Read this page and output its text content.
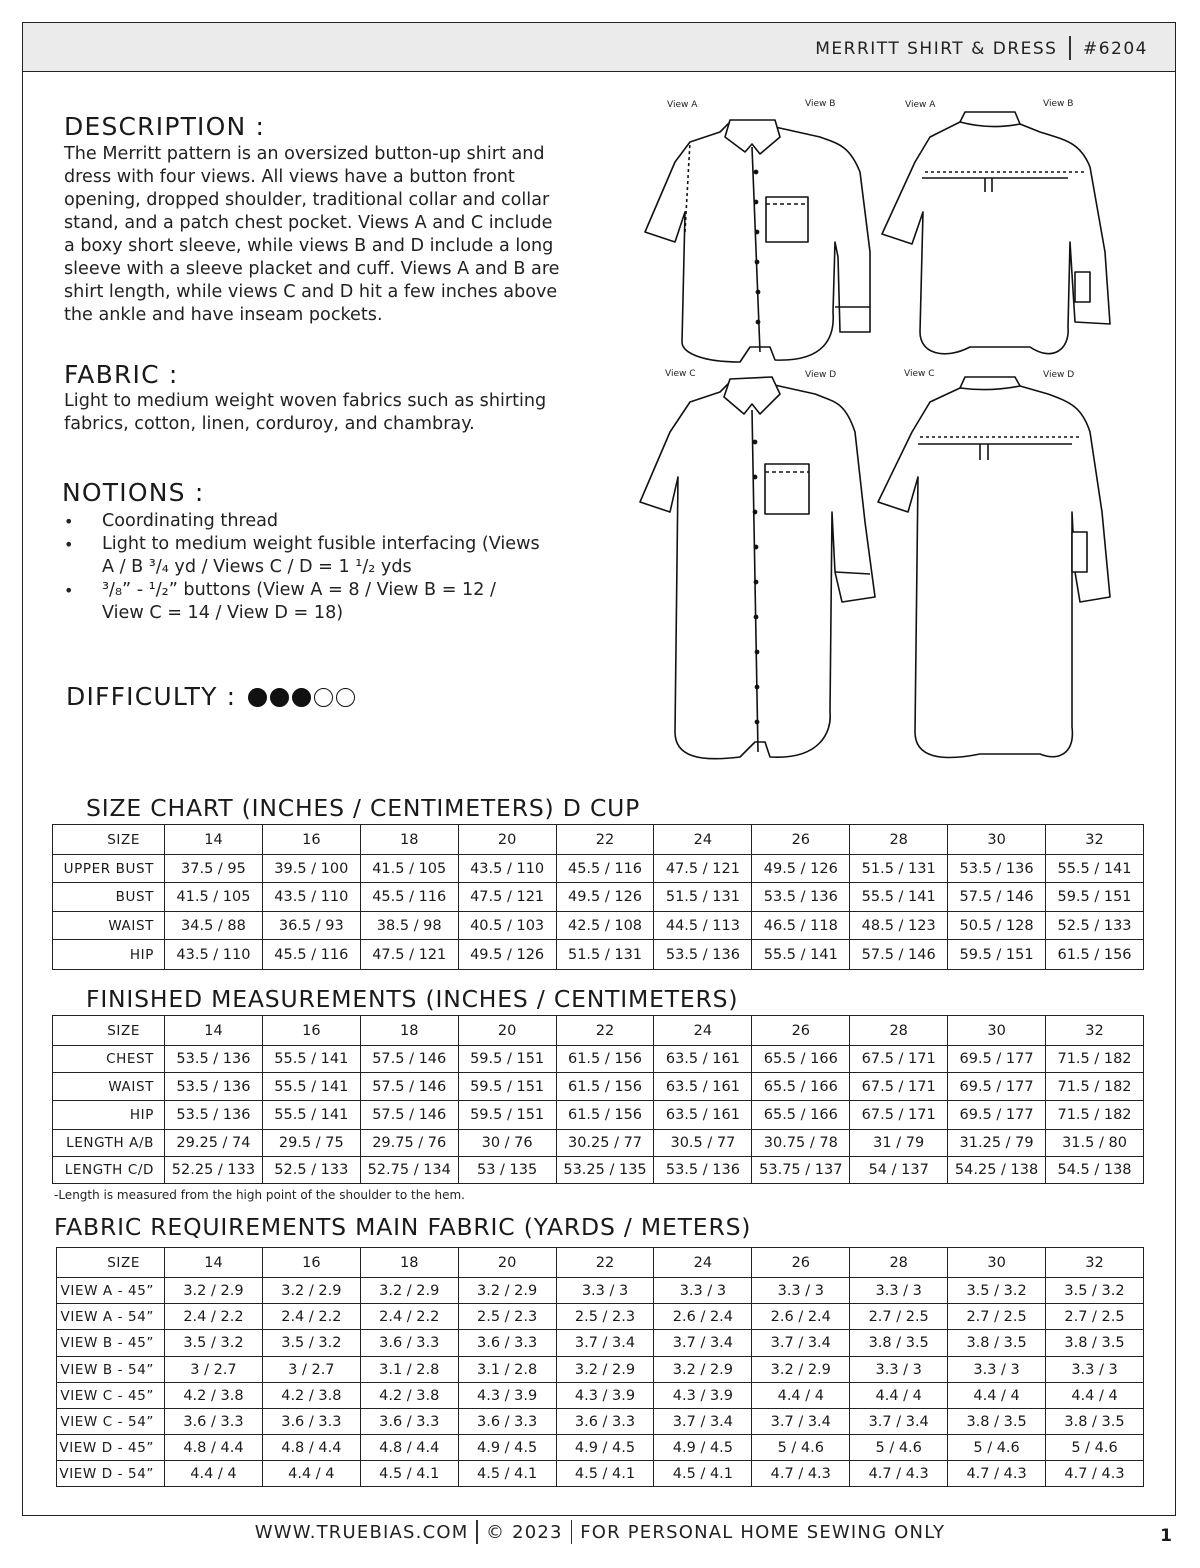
MERRITT SHIRT & DRESS #6204
DESCRIPTION :
The Merritt pattern is an oversized button-up shirt and
dress with four views. All views have a button front
opening, dropped shoulder, traditional collar and collar
stand, and a patch chest pocket. Views A and C include
a boxy short sleeve, while views B and D include a long
sleeve with a sleeve placket and cuff. Views A and B are
shirt length, while views C and D hit a few inches above
the ankle and have inseam pockets.
FABRIC :
Light to medium weight woven fabrics such as shirting
fabrics, cotton, linen, corduroy, and chambray.
NOTIONS :
• Coordinating thread
• Light to medium weight fusible interfacing (Views
A / B ³/₄ yd / Views C / D = 1 ¹/₂ yds
• ³/₈” - ¹/₂” buttons (View A = 8 / View B = 12 /
View C = 14 / View D = 18)
DIFFICULTY :
View A	View B	View A	View B
View C	View D	View C	View D
SIZE CHART (INCHES / CENTIMETERS) D CUP
SIZE	14	16	18	20	22	24	26	28	30	32
UPPER BUST	37.5 / 95	39.5 / 100	41.5 / 105	43.5 / 110	45.5 / 116	47.5 / 121	49.5 / 126	51.5 / 131	53.5 / 136	55.5 / 141
BUST	41.5 / 105	43.5 / 110	45.5 / 116	47.5 / 121	49.5 / 126	51.5 / 131	53.5 / 136	55.5 / 141	57.5 / 146	59.5 / 151
WAIST	34.5 / 88	36.5 / 93	38.5 / 98	40.5 / 103	42.5 / 108	44.5 / 113	46.5 / 118	48.5 / 123	50.5 / 128	52.5 / 133
HIP	43.5 / 110	45.5 / 116	47.5 / 121	49.5 / 126	51.5 / 131	53.5 / 136	55.5 / 141	57.5 / 146	59.5 / 151	61.5 / 156
FINISHED MEASUREMENTS (INCHES / CENTIMETERS)
SIZE	14	16	18	20	22	24	26	28	30	32
CHEST	53.5 / 136	55.5 / 141	57.5 / 146	59.5 / 151	61.5 / 156	63.5 / 161	65.5 / 166	67.5 / 171	69.5 / 177	71.5 / 182
WAIST	53.5 / 136	55.5 / 141	57.5 / 146	59.5 / 151	61.5 / 156	63.5 / 161	65.5 / 166	67.5 / 171	69.5 / 177	71.5 / 182
HIP	53.5 / 136	55.5 / 141	57.5 / 146	59.5 / 151	61.5 / 156	63.5 / 161	65.5 / 166	67.5 / 171	69.5 / 177	71.5 / 182
LENGTH A/B	29.25 / 74	29.5 / 75	29.75 / 76	30 / 76	30.25 / 77	30.5 / 77	30.75 / 78	31 / 79	31.25 / 79	31.5 / 80
LENGTH C/D	52.25 / 133	52.5 / 133	52.75 / 134	53 / 135	53.25 / 135	53.5 / 136	53.75 / 137	54 / 137	54.25 / 138	54.5 / 138
-Length is measured from the high point of the shoulder to the hem.
FABRIC REQUIREMENTS MAIN FABRIC (YARDS / METERS)
SIZE	14	16	18	20	22	24	26	28	30	32
VIEW A - 45”	3.2 / 2.9	3.2 / 2.9	3.2 / 2.9	3.2 / 2.9	3.3 / 3	3.3 / 3	3.3 / 3	3.3 / 3	3.5 / 3.2	3.5 / 3.2
VIEW A - 54”	2.4 / 2.2	2.4 / 2.2	2.4 / 2.2	2.5 / 2.3	2.5 / 2.3	2.6 / 2.4	2.6 / 2.4	2.7 / 2.5	2.7 / 2.5	2.7 / 2.5
VIEW B - 45”	3.5 / 3.2	3.5 / 3.2	3.6 / 3.3	3.6 / 3.3	3.7 / 3.4	3.7 / 3.4	3.7 / 3.4	3.8 / 3.5	3.8 / 3.5	3.8 / 3.5
VIEW B - 54”	3 / 2.7	3 / 2.7	3.1 / 2.8	3.1 / 2.8	3.2 / 2.9	3.2 / 2.9	3.2 / 2.9	3.3 / 3	3.3 / 3	3.3 / 3
VIEW C - 45”	4.2 / 3.8	4.2 / 3.8	4.2 / 3.8	4.3 / 3.9	4.3 / 3.9	4.3 / 3.9	4.4 / 4	4.4 / 4	4.4 / 4	4.4 / 4
VIEW C - 54”	3.6 / 3.3	3.6 / 3.3	3.6 / 3.3	3.6 / 3.3	3.6 / 3.3	3.7 / 3.4	3.7 / 3.4	3.7 / 3.4	3.8 / 3.5	3.8 / 3.5
VIEW D - 45”	4.8 / 4.4	4.8 / 4.4	4.8 / 4.4	4.9 / 4.5	4.9 / 4.5	4.9 / 4.5	5 / 4.6	5 / 4.6	5 / 4.6	5 / 4.6
VIEW D - 54”	4.4 / 4	4.4 / 4	4.5 / 4.1	4.5 / 4.1	4.5 / 4.1	4.5 / 4.1	4.7 / 4.3	4.7 / 4.3	4.7 / 4.3	4.7 / 4.3
WWW.TRUEBIAS.COM © 2023 FOR PERSONAL HOME SEWING ONLY	1
